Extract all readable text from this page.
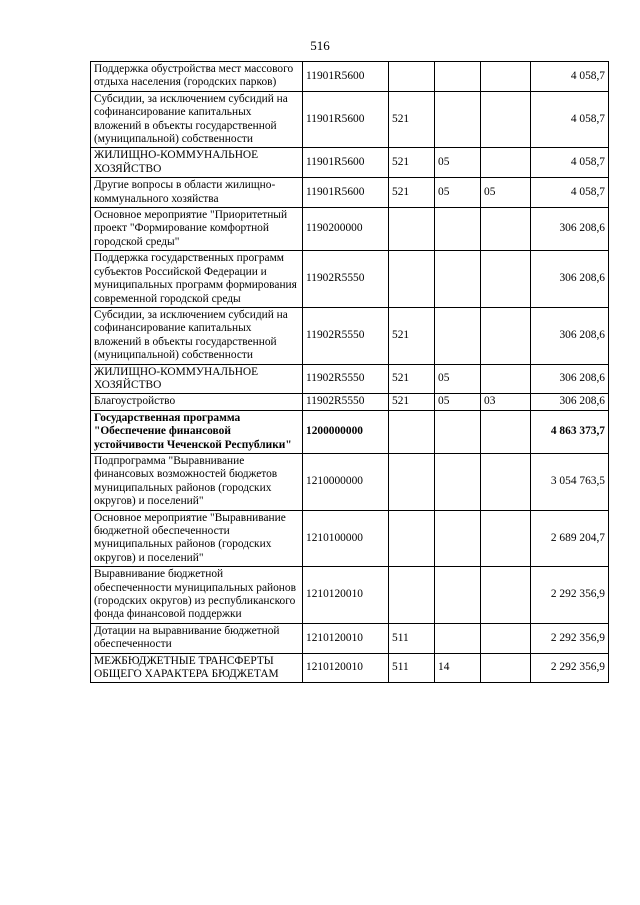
516
Поддержка обустройства мест массового отдыха населения (городских парков)	11901R5600				4 058,7
Субсидии, за исключением субсидий на софинансирование капитальных вложений в объекты государственной (муниципальной) собственности	11901R5600	521			4 058,7
ЖИЛИЩНО-КОММУНАЛЬНОЕ ХОЗЯЙСТВО	11901R5600	521	05		4 058,7
Другие вопросы в области жилищно-коммунального хозяйства	11901R5600	521	05	05	4 058,7
Основное мероприятие "Приоритетный проект "Формирование комфортной городской среды"	1190200000				306 208,6
Поддержка государственных программ субъектов Российской Федерации и муниципальных программ формирования современной городской среды	11902R5550				306 208,6
Субсидии, за исключением субсидий на софинансирование капитальных вложений в объекты государственной (муниципальной) собственности	11902R5550	521			306 208,6
ЖИЛИЩНО-КОММУНАЛЬНОЕ ХОЗЯЙСТВО	11902R5550	521	05		306 208,6
Благоустройство	11902R5550	521	05	03	306 208,6
Государственная программа "Обеспечение финансовой устойчивости Чеченской Республики"	1200000000				4 863 373,7
Подпрограмма "Выравнивание финансовых возможностей бюджетов муниципальных районов (городских округов) и поселений"	1210000000				3 054 763,5
Основное мероприятие "Выравнивание бюджетной обеспеченности муниципальных районов (городских округов) и поселений"	1210100000				2 689 204,7
Выравнивание бюджетной обеспеченности муниципальных районов (городских округов) из республиканского фонда финансовой поддержки	1210120010				2 292 356,9
Дотации на выравнивание бюджетной обеспеченности	1210120010	511			2 292 356,9
МЕЖБЮДЖЕТНЫЕ ТРАНСФЕРТЫ ОБЩЕГО ХАРАКТЕРА БЮДЖЕТАМ	1210120010	511	14		2 292 356,9
